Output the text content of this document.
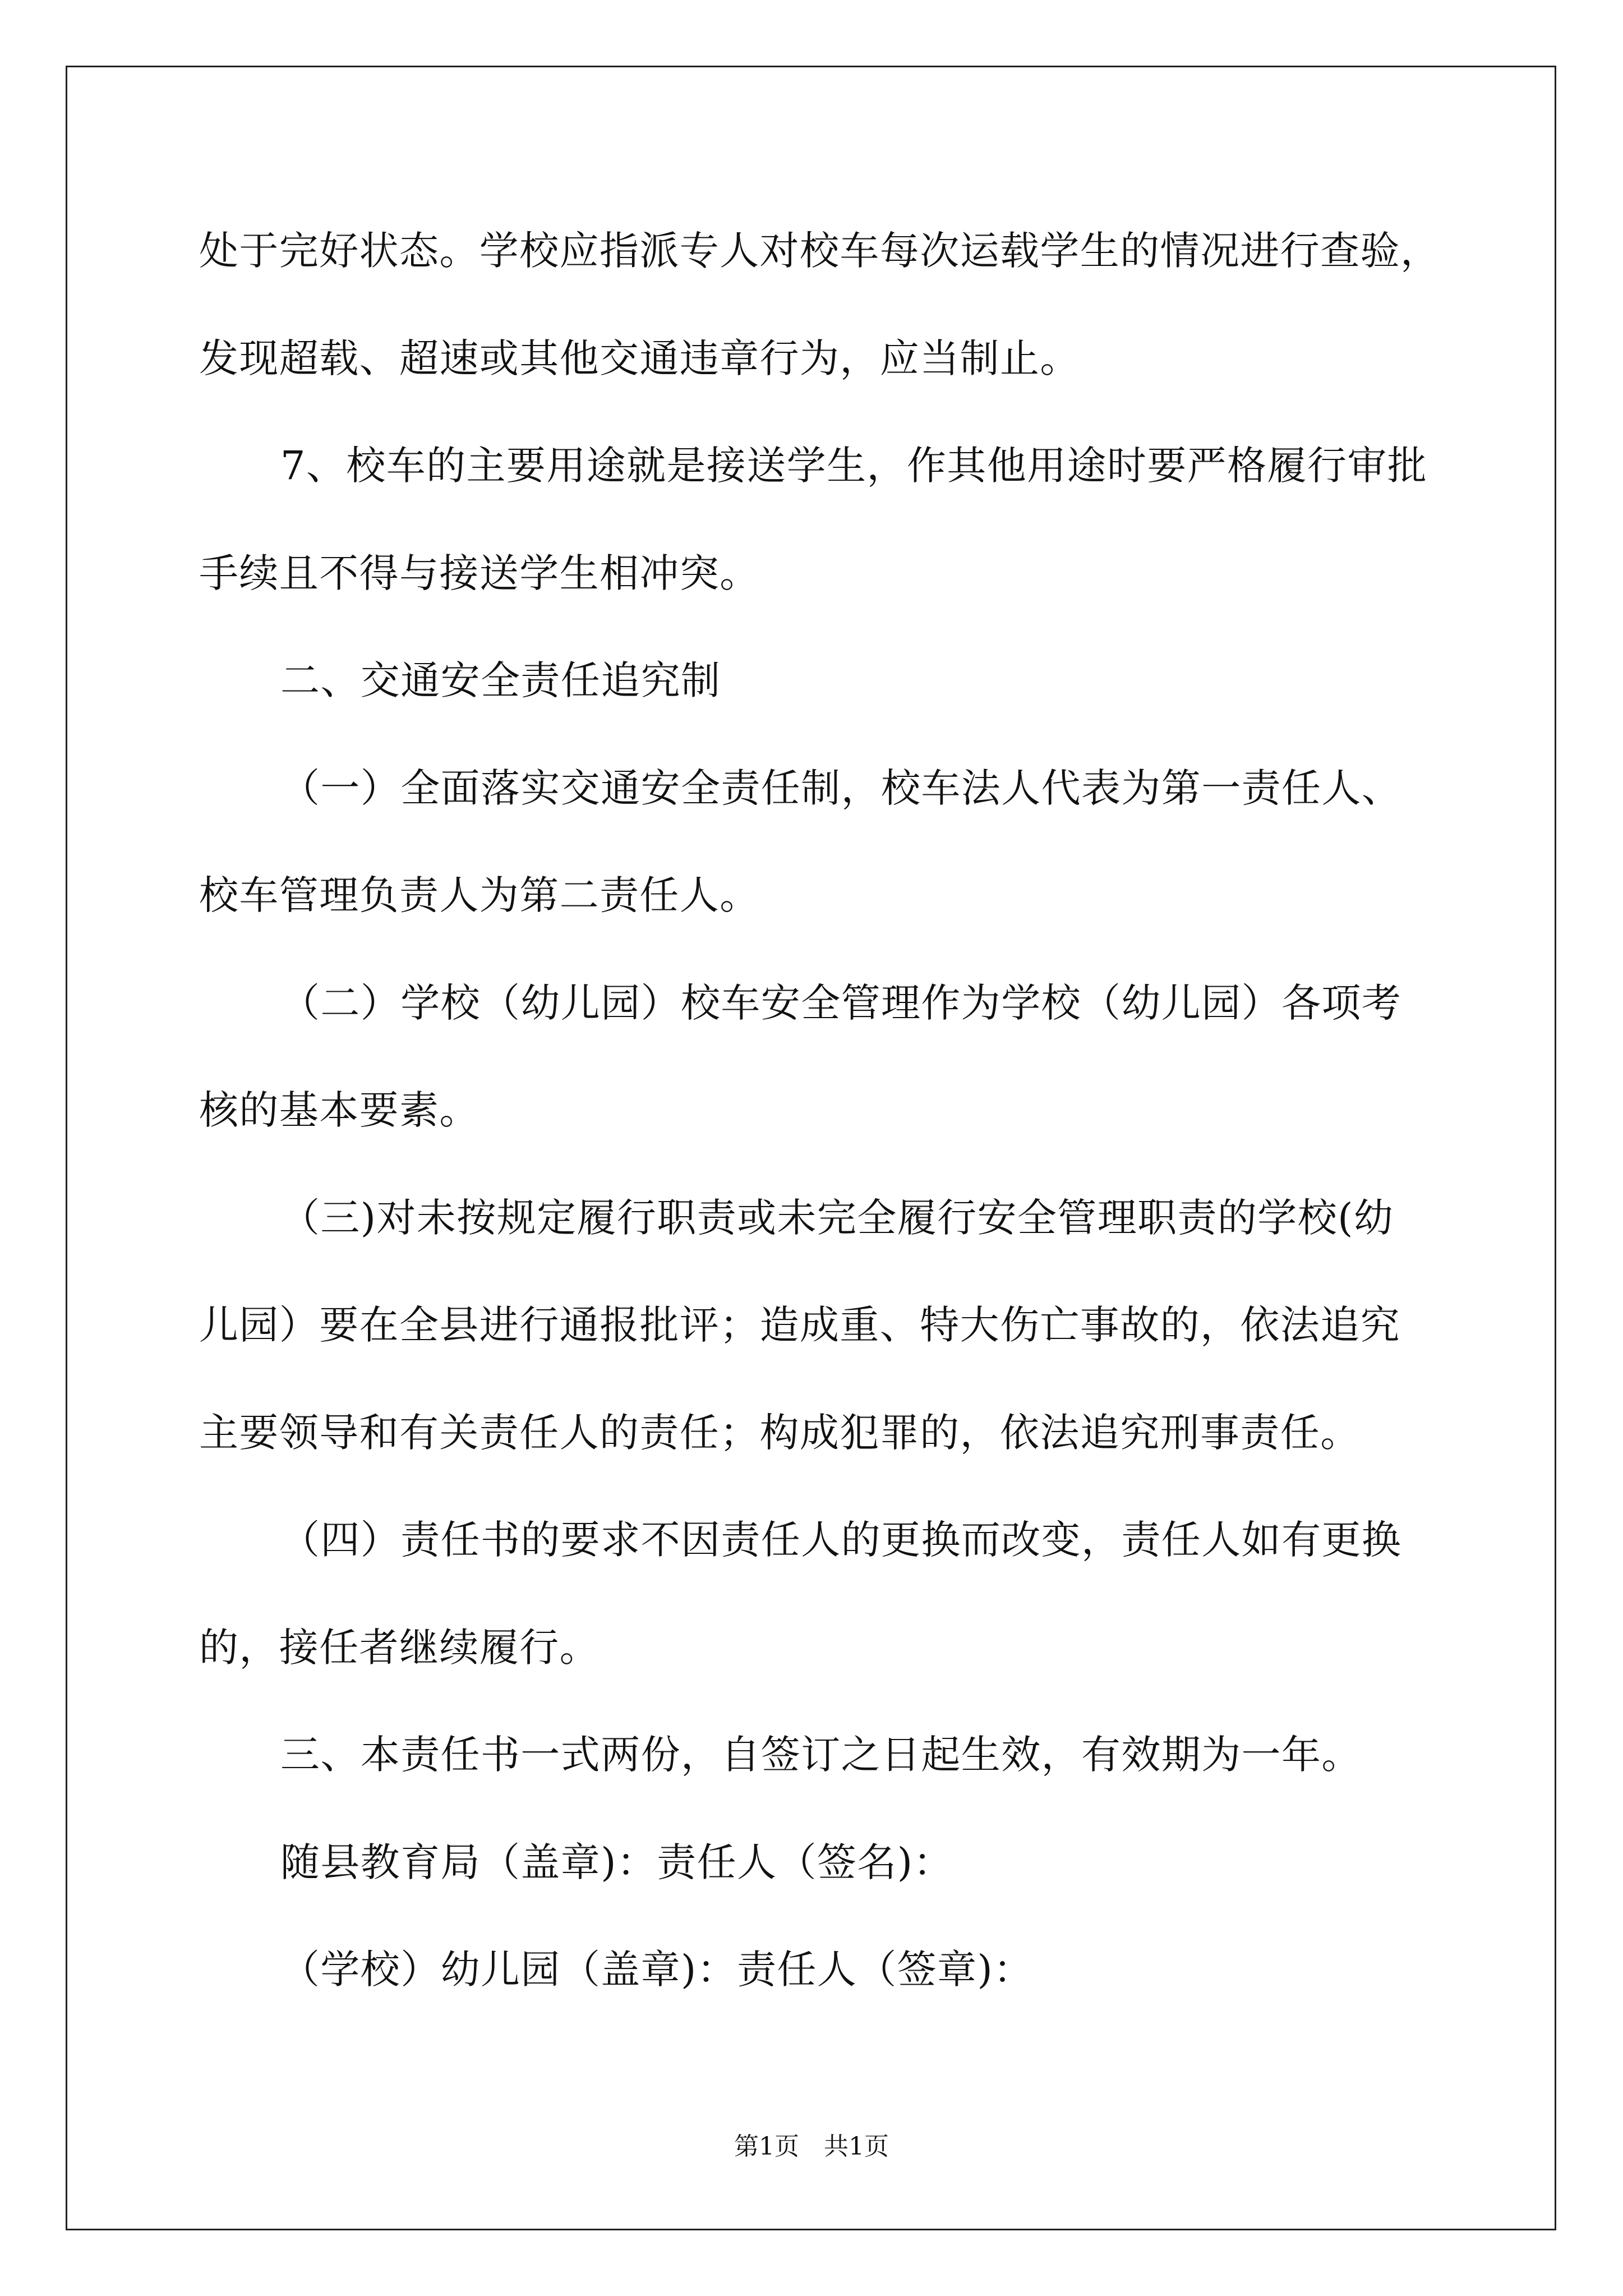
处于完好状态。学校应指派专人对校车每次运载学生的情况进行查验，
发现超载、超速或其他交通违章行为，应当制止。
7、校车的主要用途就是接送学生，作其他用途时要严格履行审批
手续且不得与接送学生相冲突。
二、交通安全责任追究制
（一）全面落实交通安全责任制，校车法人代表为第一责任人、
校车管理负责人为第二责任人。
（二）学校（幼儿园）校车安全管理作为学校（幼儿园）各项考
核的基本要素。
（三)对未按规定履行职责或未完全履行安全管理职责的学校(幼
儿园）要在全县进行通报批评；造成重、特大伤亡事故的，依法追究
主要领导和有关责任人的责任；构成犯罪的，依法追究刑事责任。
（四）责任书的要求不因责任人的更换而改变，责任人如有更换
的，接任者继续履行。
三、本责任书一式两份，自签订之日起生效，有效期为一年。
随县教育局（盖章)：责任人（签名)：
（学校）幼儿园（盖章)：责任人（签章)：
第1页　共1页
